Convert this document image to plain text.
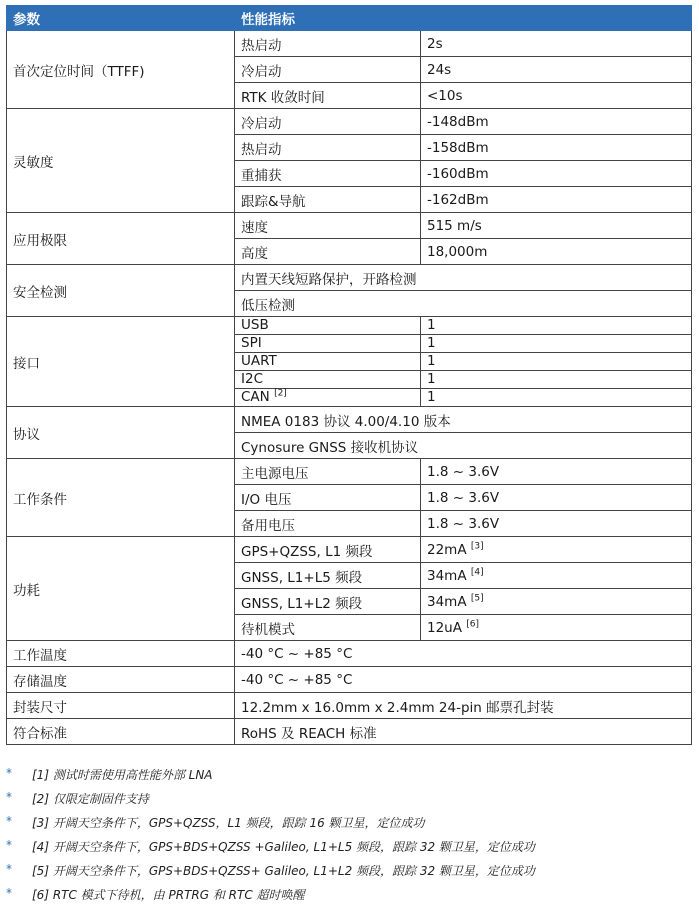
参数	性能指标	
首次定位时间（TTFF)	热启动	2s
	冷启动	24s
	RTK 收敛时间	<10s
灵敏度	冷启动	-148dBm
	热启动	-158dBm
	重捕获	-160dBm
	跟踪&导航	-162dBm
应用极限	速度	515 m/s
	高度	18,000m
安全检测	内置天线短路保护，开路检测	
	低压检测	
接口	USB	1
	SPI	1
	UART	1
	I2C	1
	CAN [2]	1
协议	NMEA 0183 协议 4.00/4.10 版本	
	Cynosure GNSS 接收机协议	
工作条件	主电源电压	1.8 ~ 3.6V
	I/O 电压	1.8 ~ 3.6V
	备用电压	1.8 ~ 3.6V
功耗	GPS+QZSS, L1 频段	22mA [3]
	GNSS, L1+L5 频段	34mA [4]
	GNSS, L1+L2 频段	34mA [5]
	待机模式	12uA [6]
工作温度	-40 °C ~ +85 °C	
存储温度	-40 °C ~ +85 °C	
封装尺寸	12.2mm x 16.0mm x 2.4mm 24-pin 邮票孔封装	
符合标准	RoHS 及 REACH 标准	
* [1] 测试时需使用高性能外部 LNA
* [2] 仅限定制固件支持
* [3] 开阔天空条件下，GPS+QZSS，L1 频段，跟踪 16 颗卫星，定位成功
* [4] 开阔天空条件下，GPS+BDS+QZSS +Galileo, L1+L5 频段，跟踪 32 颗卫星，定位成功
* [5] 开阔天空条件下，GPS+BDS+QZSS+ Galileo, L1+L2 频段，跟踪 32 颗卫星，定位成功
* [6] RTC 模式下待机，由 PRTRG 和 RTC 超时唤醒
